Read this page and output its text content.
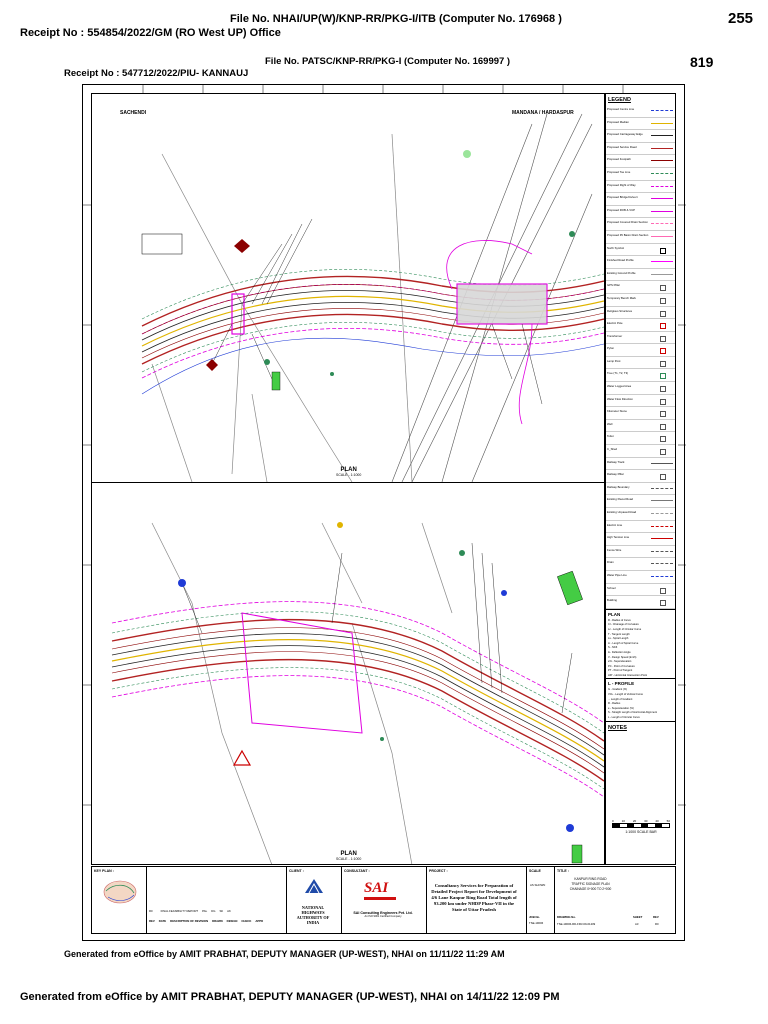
File No. NHAI/UP(W)/KNP-RR/PKG-I/ITB (Computer No. 176968 )
Receipt No : 554854/2022/GM (RO West UP) Office
255
File No. PATSC/KNP-RR/PKG-I (Computer No. 169997 )
Receipt No : 547712/2022/PIU- KANNAUJ
819
SACHENDI	MANDANA / HARDASPUR
PLAN
SCALE - 1:1000
PLAN
SCALE - 1:1000
LEGEND
Proposed Centre Line
Proposed Median
Proposed Carriageway Edge
Proposed Service Road
Proposed Footpath
Proposed Toe Line
Proposed Right of Way
Proposed Bridge/Culvert
Proposed ROB & VUP
Proposed Covered Drain Section
Proposed Pit Basin Drain Section
North Symbol
Finished Road Profile
Existing Ground Profile
GPS Pillar
Temporary Bench Mark
Religious Structures
Electric Pole
Transformer
Pylon
Lamp Post
Tree (T1, T2, T3)
Water Logged Area
Water Flow Direction
Kilometer Stone
Well
Toilet
C_Shed
Railway Track
Railway Pillar
Railway Boundary
Existing Paved Road
Existing Unpaved Road
Electric Line
High Tension Line
Fence Wire
Drain
Water Pipe Line
School
Building
PLAN
R - Radius of Curve
Cl - Chainage of Curvature
Lc - Length of Circular Curve
T - Tangent Length
Ls - Spiral Length
Lt - Length of Spiral Curve
S - Shift
Δ - Deflection Angle
V - Design Speed (km/h)
e% - Superelevation
PC - Point of Curvature
PT - Point of Tangent
HIP - Horizontal Intersection Point
L - PROFILE
G - Gradient (%)
VCL - Length of Vertical Curve
... Length of Gradient
R - Radius
e - Superelevation (%)
S - Straight Length of Horizontal Alignment
L - Length of Circular Curve
NOTES
0	10	20	30	40	50
1:1000 SCALE BAR
KEY PLAN :
R0	FINAL FEASIBILITY REPORT PAL DG SK AK
REV DATE DESCRIPTION OF REVISION DRAWN DESIGN CHECK APPD
CLIENT :
NATIONAL HIGHWAYS AUTHORITY OF INDIA
CONSULTANT :
SAI
SAI Consulting Engineers Pvt. Ltd.
An ISO 9001 Certified Company
PROJECT :
Consultancy Services for Preparation of Detailed Project Report for Development of 4/6 Lane Kanpur Ring Road Total length of 93.200 km under NHDP Phase-VII in the State of Uttar Pradesh
SCALE
AS SHOWN
JOB No.
TSE-19006
TITLE :
KANPUR RING ROAD
TRAFFIC SIGNAGE PLAN
CHAINAGE 0+000 TO 2+000
DRAWING No.
TSE-19006-RD-FFR-69-01209
SHEET
A3
REV
R0
Generated from eOffice by AMIT PRABHAT, DEPUTY MANAGER (UP-WEST), NHAI on 11/11/22 11:29 AM
Generated from eOffice by AMIT PRABHAT, DEPUTY MANAGER (UP-WEST), NHAI on 14/11/22 12:09 PM
